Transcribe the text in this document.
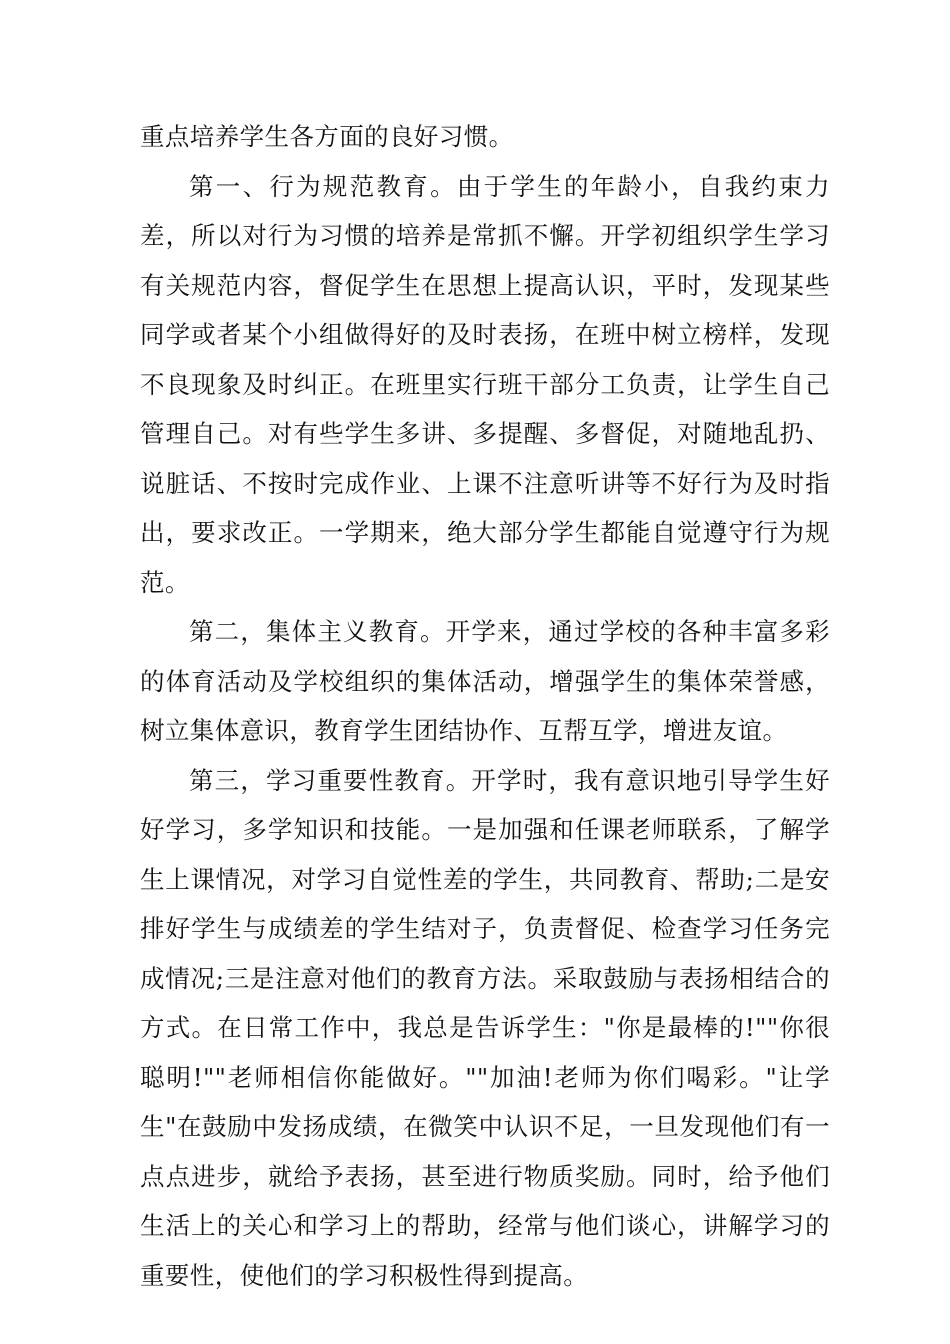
重点培养学生各方面的良好习惯。

第一、行为规范教育。由于学生的年龄小，自我约束力差，所以对行为习惯的培养是常抓不懈。开学初组织学生学习有关规范内容，督促学生在思想上提高认识，平时，发现某些同学或者某个小组做得好的及时表扬，在班中树立榜样，发现不良现象及时纠正。在班里实行班干部分工负责，让学生自己管理自己。对有些学生多讲、多提醒、多督促，对随地乱扔、说脏话、不按时完成作业、上课不注意听讲等不好行为及时指出，要求改正。一学期来，绝大部分学生都能自觉遵守行为规范。

第二，集体主义教育。开学来，通过学校的各种丰富多彩的体育活动及学校组织的集体活动，增强学生的集体荣誉感，树立集体意识，教育学生团结协作、互帮互学，增进友谊。

第三，学习重要性教育。开学时，我有意识地引导学生好好学习，多学知识和技能。一是加强和任课老师联系，了解学生上课情况，对学习自觉性差的学生，共同教育、帮助;二是安排好学生与成绩差的学生结对子，负责督促、检查学习任务完成情况;三是注意对他们的教育方法。采取鼓励与表扬相结合的方式。在日常工作中，我总是告诉学生："你是最棒的!""你很聪明!""老师相信你能做好。""加油!老师为你们喝彩。"让学生"在鼓励中发扬成绩，在微笑中认识不足，一旦发现他们有一点点进步，就给予表扬，甚至进行物质奖励。同时，给予他们生活上的关心和学习上的帮助，经常与他们谈心，讲解学习的重要性，使他们的学习积极性得到提高。
